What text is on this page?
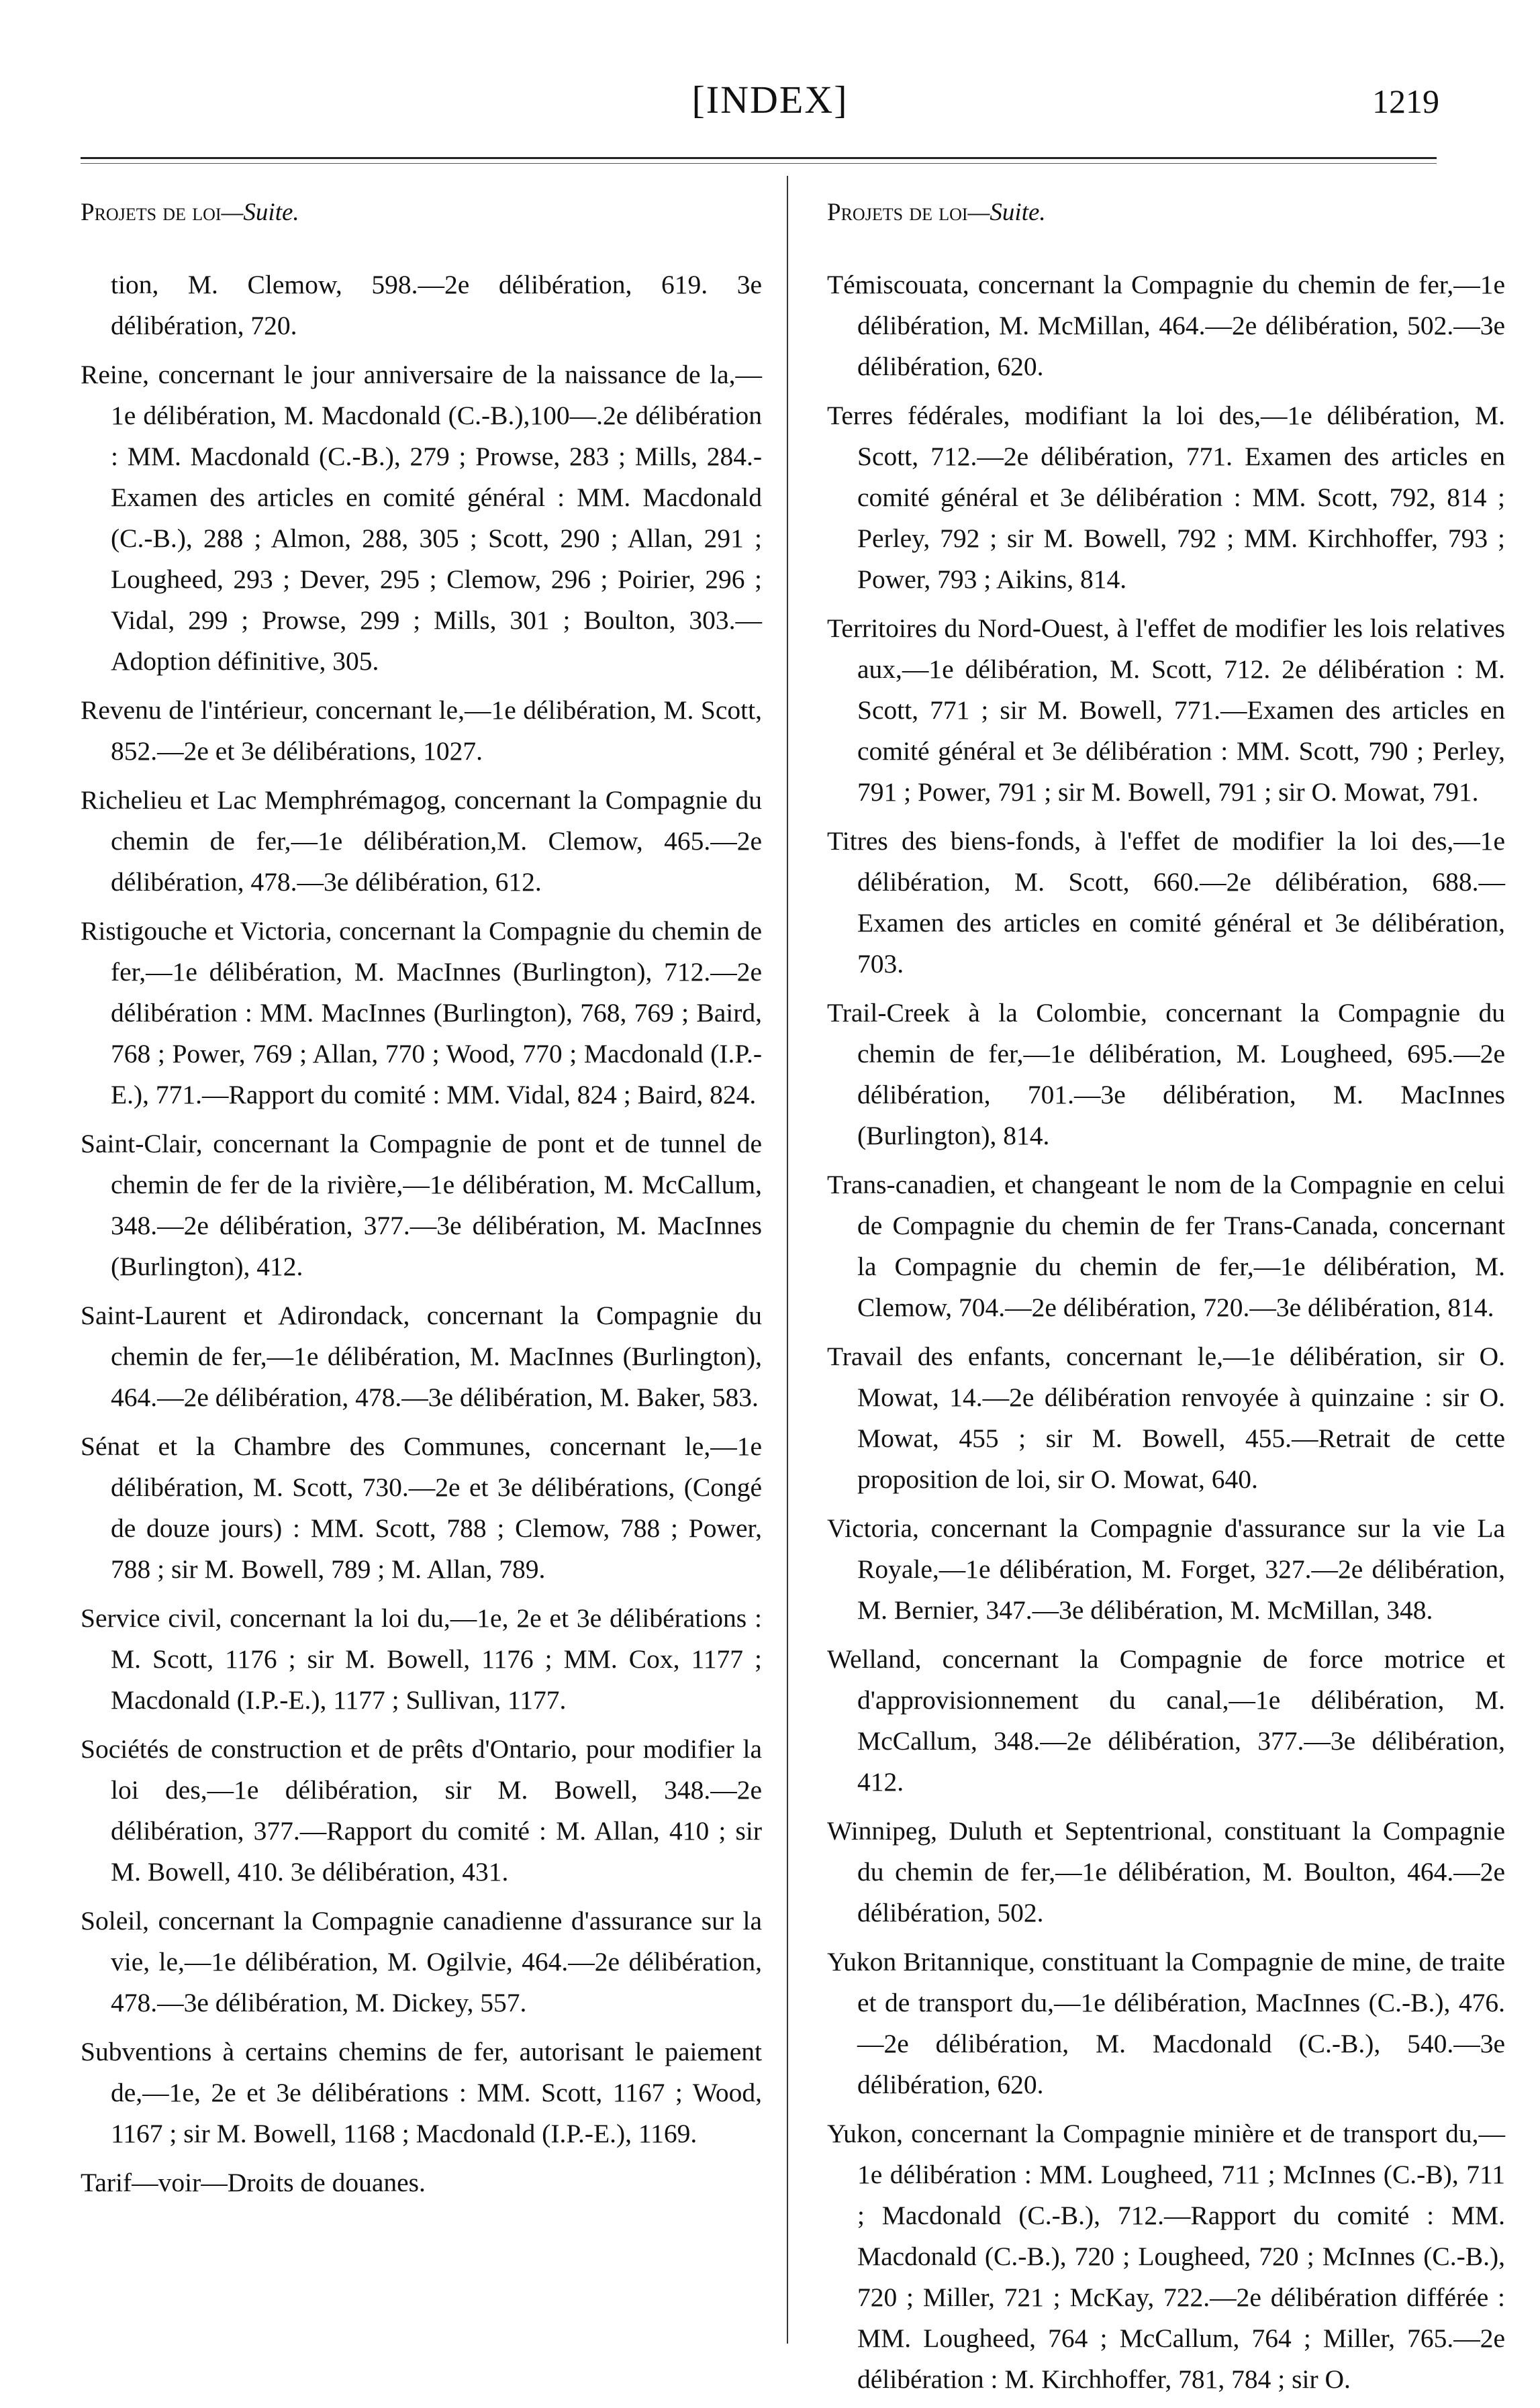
[INDEX]	1219
Projets de loi—Suite.

tion, M. Clemow, 598.—2e délibération, 619. 3e délibération, 720.

Reine, concernant le jour anniversaire de la naissance de la,—1e délibération, M. Macdonald (C.-B.),100—.2e délibération : MM. Macdonald (C.-B.), 279 ; Prowse, 283 ; Mills, 284.-Examen des articles en comité général : MM. Macdonald (C.-B.), 288 ; Almon, 288, 305 ; Scott, 290 ; Allan, 291 ; Lougheed, 293 ; Dever, 295 ; Clemow, 296 ; Poirier, 296 ; Vidal, 299 ; Prowse, 299 ; Mills, 301 ; Boulton, 303.—Adoption définitive, 305.

Revenu de l'intérieur, concernant le,—1e délibération, M. Scott, 852.—2e et 3e délibérations, 1027.

Richelieu et Lac Memphrémagog, concernant la Compagnie du chemin de fer,—1e délibération,M. Clemow, 465.—2e délibération, 478.—3e délibération, 612.

Ristigouche et Victoria, concernant la Compagnie du chemin de fer,—1e délibération, M. MacInnes (Burlington), 712.—2e délibération : MM. MacInnes (Burlington), 768, 769 ; Baird, 768 ; Power, 769 ; Allan, 770 ; Wood, 770 ; Macdonald (I.P.-E.), 771.—Rapport du comité : MM. Vidal, 824 ; Baird, 824.

Saint-Clair, concernant la Compagnie de pont et de tunnel de chemin de fer de la rivière,—1e délibération, M. McCallum, 348.—2e délibération, 377.—3e délibération, M. MacInnes (Burlington), 412.

Saint-Laurent et Adirondack, concernant la Compagnie du chemin de fer,—1e délibération, M. MacInnes (Burlington), 464.—2e délibération, 478.—3e délibération, M. Baker, 583.

Sénat et la Chambre des Communes, concernant le,—1e délibération, M. Scott, 730.—2e et 3e délibérations, (Congé de douze jours) : MM. Scott, 788 ; Clemow, 788 ; Power, 788 ; sir M. Bowell, 789 ; M. Allan, 789.

Service civil, concernant la loi du,—1e, 2e et 3e délibérations : M. Scott, 1176 ; sir M. Bowell, 1176 ; MM. Cox, 1177 ; Macdonald (I.P.-E.), 1177 ; Sullivan, 1177.

Sociétés de construction et de prêts d'Ontario, pour modifier la loi des,—1e délibération, sir M. Bowell, 348.—2e délibération, 377.—Rapport du comité : M. Allan, 410 ; sir M. Bowell, 410. 3e délibération, 431.

Soleil, concernant la Compagnie canadienne d'assurance sur la vie, le,—1e délibération, M. Ogilvie, 464.—2e délibération, 478.—3e délibération, M. Dickey, 557.

Subventions à certains chemins de fer, autorisant le paiement de,—1e, 2e et 3e délibérations : MM. Scott, 1167 ; Wood, 1167 ; sir M. Bowell, 1168 ; Macdonald (I.P.-E.), 1169.

Tarif—voir—Droits de douanes.

Projets de loi—Suite.

Témiscouata, concernant la Compagnie du chemin de fer,—1e délibération, M. McMillan, 464.—2e délibération, 502.—3e délibération, 620.

Terres fédérales, modifiant la loi des,—1e délibération, M. Scott, 712.—2e délibération, 771. Examen des articles en comité général et 3e délibération : MM. Scott, 792, 814 ; Perley, 792 ; sir M. Bowell, 792 ; MM. Kirchhoffer, 793 ; Power, 793 ; Aikins, 814.

Territoires du Nord-Ouest, à l'effet de modifier les lois relatives aux,—1e délibération, M. Scott, 712. 2e délibération : M. Scott, 771 ; sir M. Bowell, 771.—Examen des articles en comité général et 3e délibération : MM. Scott, 790 ; Perley, 791 ; Power, 791 ; sir M. Bowell, 791 ; sir O. Mowat, 791.

Titres des biens-fonds, à l'effet de modifier la loi des,—1e délibération, M. Scott, 660.—2e délibération, 688.—Examen des articles en comité général et 3e délibération, 703.

Trail-Creek à la Colombie, concernant la Compagnie du chemin de fer,—1e délibération, M. Lougheed, 695.—2e délibération, 701.—3e délibération, M. MacInnes (Burlington), 814.

Trans-canadien, et changeant le nom de la Compagnie en celui de Compagnie du chemin de fer Trans-Canada, concernant la Compagnie du chemin de fer,—1e délibération, M. Clemow, 704.—2e délibération, 720.—3e délibération, 814.

Travail des enfants, concernant le,—1e délibération, sir O. Mowat, 14.—2e délibération renvoyée à quinzaine : sir O. Mowat, 455 ; sir M. Bowell, 455.—Retrait de cette proposition de loi, sir O. Mowat, 640.

Victoria, concernant la Compagnie d'assurance sur la vie La Royale,—1e délibération, M. Forget, 327.—2e délibération, M. Bernier, 347.—3e délibération, M. McMillan, 348.

Welland, concernant la Compagnie de force motrice et d'approvisionnement du canal,—1e délibération, M. McCallum, 348.—2e délibération, 377.—3e délibération, 412.

Winnipeg, Duluth et Septentrional, constituant la Compagnie du chemin de fer,—1e délibération, M. Boulton, 464.—2e délibération, 502.

Yukon Britannique, constituant la Compagnie de mine, de traite et de transport du,—1e délibération, MacInnes (C.-B.), 476.—2e délibération, M. Macdonald (C.-B.), 540.—3e délibération, 620.

Yukon, concernant la Compagnie minière et de transport du,—1e délibération : MM. Lougheed, 711 ; McInnes (C.-B), 711 ; Macdonald (C.-B.), 712.—Rapport du comité : MM. Macdonald (C.-B.), 720 ; Lougheed, 720 ; McInnes (C.-B.), 720 ; Miller, 721 ; McKay, 722.—2e délibération différée : MM. Lougheed, 764 ; McCallum, 764 ; Miller, 765.—2e délibération : M. Kirchhoffer, 781, 784 ; sir O.
